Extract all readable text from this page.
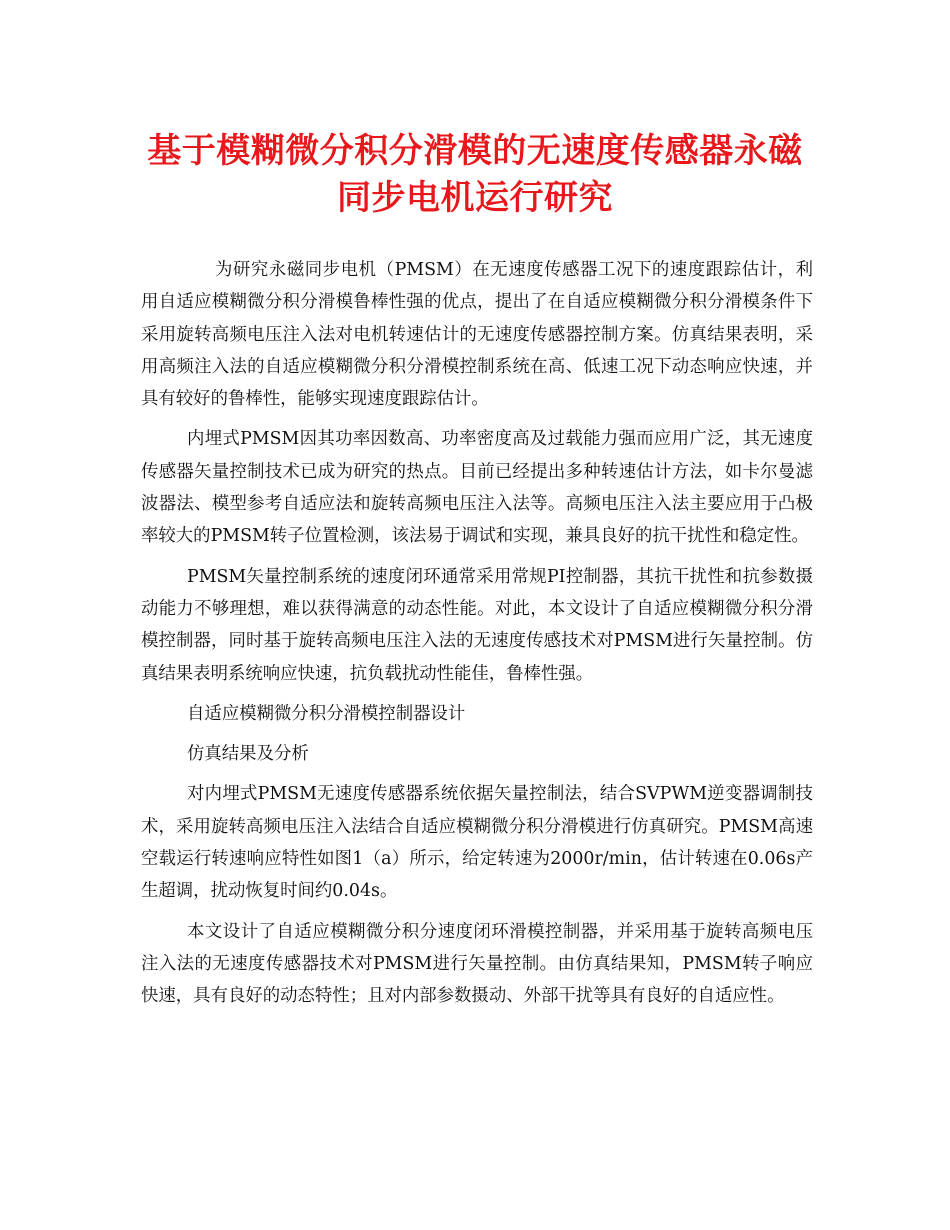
基于模糊微分积分滑模的无速度传感器永磁
同步电机运行研究

为研究永磁同步电机（PMSM）在无速度传感器工况下的速度跟踪估计，利用自适应模糊微分积分滑模鲁棒性强的优点，提出了在自适应模糊微分积分滑模条件下采用旋转高频电压注入法对电机转速估计的无速度传感器控制方案。仿真结果表明，采用高频注入法的自适应模糊微分积分滑模控制系统在高、低速工况下动态响应快速，并具有较好的鲁棒性，能够实现速度跟踪估计。

内埋式PMSM因其功率因数高、功率密度高及过载能力强而应用广泛，其无速度传感器矢量控制技术已成为研究的热点。目前已经提出多种转速估计方法，如卡尔曼滤波器法、模型参考自适应法和旋转高频电压注入法等。高频电压注入法主要应用于凸极率较大的PMSM转子位置检测，该法易于调试和实现，兼具良好的抗干扰性和稳定性。

PMSM矢量控制系统的速度闭环通常采用常规PI控制器，其抗干扰性和抗参数摄动能力不够理想，难以获得满意的动态性能。对此，本文设计了自适应模糊微分积分滑模控制器，同时基于旋转高频电压注入法的无速度传感技术对PMSM进行矢量控制。仿真结果表明系统响应快速，抗负载扰动性能佳，鲁棒性强。

自适应模糊微分积分滑模控制器设计

仿真结果及分析

对内埋式PMSM无速度传感器系统依据矢量控制法，结合SVPWM逆变器调制技术，采用旋转高频电压注入法结合自适应模糊微分积分滑模进行仿真研究。PMSM高速空载运行转速响应特性如图1（a）所示，给定转速为2000r/min，估计转速在0.06s产生超调，扰动恢复时间约0.04s。

本文设计了自适应模糊微分积分速度闭环滑模控制器，并采用基于旋转高频电压注入法的无速度传感器技术对PMSM进行矢量控制。由仿真结果知，PMSM转子响应快速，具有良好的动态特性；且对内部参数摄动、外部干扰等具有良好的自适应性。
